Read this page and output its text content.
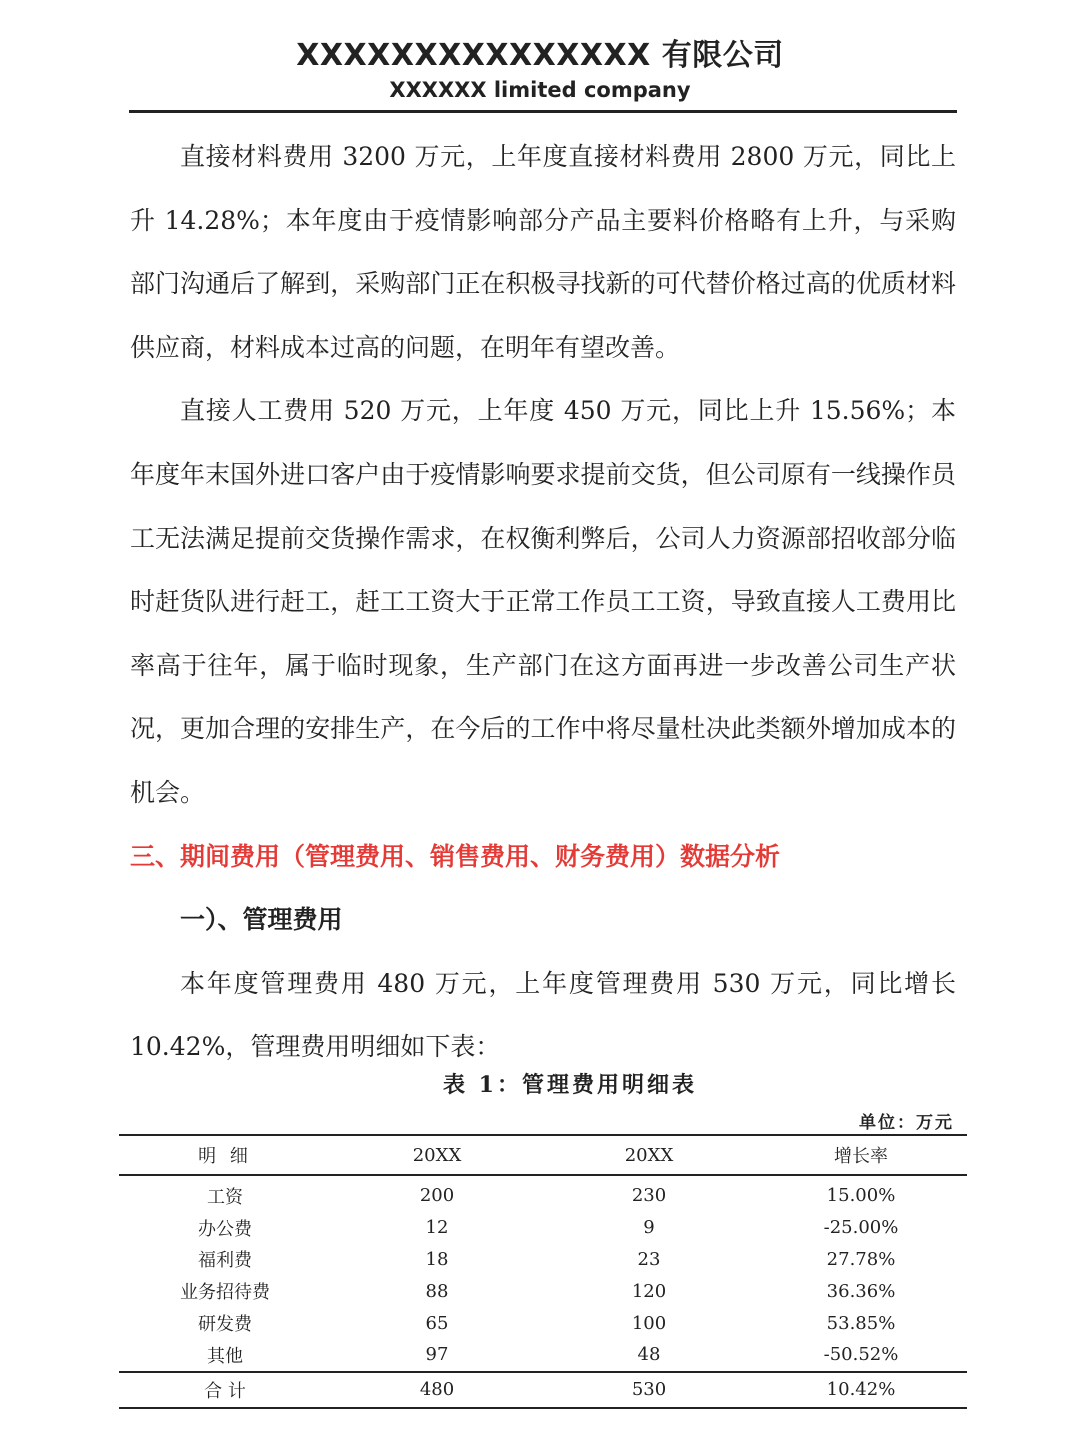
XXXXXXXXXXXXXXX 有限公司
XXXXXX limited company

直接材料费用 3200 万元，上年度直接材料费用 2800 万元，同比上升 14.28%；本年度由于疫情影响部分产品主要料价格略有上升，与采购部门沟通后了解到，采购部门正在积极寻找新的可代替价格过高的优质材料供应商，材料成本过高的问题，在明年有望改善。

直接人工费用 520 万元，上年度 450 万元，同比上升 15.56%；本年度年末国外进口客户由于疫情影响要求提前交货，但公司原有一线操作员工无法满足提前交货操作需求，在权衡利弊后，公司人力资源部招收部分临时赶货队进行赶工，赶工工资大于正常工作员工工资，导致直接人工费用比率高于往年，属于临时现象，生产部门在这方面再进一步改善公司生产状况，更加合理的安排生产，在今后的工作中将尽量杜决此类额外增加成本的机会。

三、期间费用（管理费用、销售费用、财务费用）数据分析

一）、管理费用

本年度管理费用 480 万元，上年度管理费用 530 万元，同比增长 10.42%，管理费用明细如下表：

表 1：管理费用明细表
单位：万元
明 细	20XX	20XX	增长率
工资	200	230	15.00%
办公费	12	9	-25.00%
福利费	18	23	27.78%
业务招待费	88	120	36.36%
研发费	65	100	53.85%
其他	97	48	-50.52%
合 计	480	530	10.42%
